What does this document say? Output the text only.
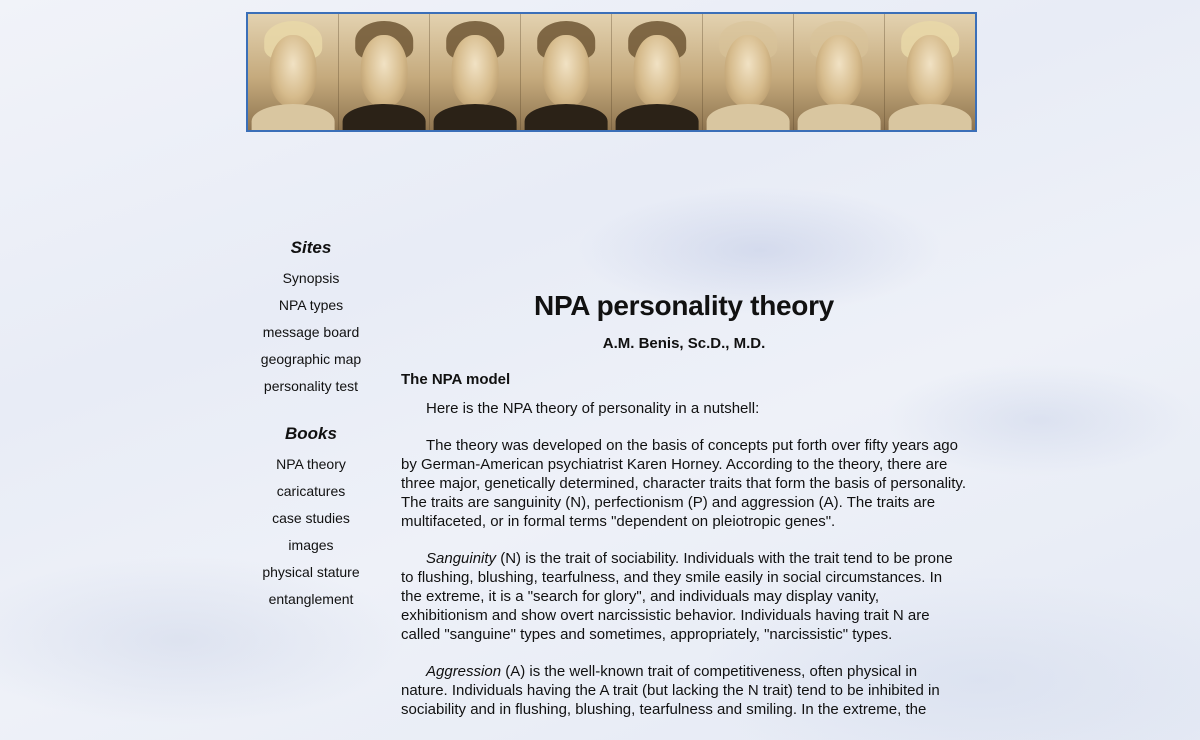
Sites
Synopsis
NPA types
message board
geographic map
personality test
Books
NPA theory
caricatures
case studies
images
physical stature
entanglement
NPA personality theory
A.M. Benis, Sc.D., M.D.
The NPA model

Here is the NPA theory of personality in a nutshell:

The theory was developed on the basis of concepts put forth over fifty years ago by German-American psychiatrist Karen Horney. According to the theory, there are three major, genetically determined, character traits that form the basis of personality. The traits are sanguinity (N), perfectionism (P) and aggression (A). The traits are multifaceted, or in formal terms "dependent on pleiotropic genes".

Sanguinity (N) is the trait of sociability. Individuals with the trait tend to be prone to flushing, blushing, tearfulness, and they smile easily in social circumstances. In the extreme, it is a "search for glory", and individuals may display vanity, exhibitionism and show overt narcissistic behavior. Individuals having trait N are called "sanguine" types and sometimes, appropriately, "narcissistic" types.

Aggression (A) is the well-known trait of competitiveness, often physical in nature. Individuals having the A trait (but lacking the N trait) tend to be inhibited in sociability and in flushing, blushing, tearfulness and smiling. In the extreme, the
